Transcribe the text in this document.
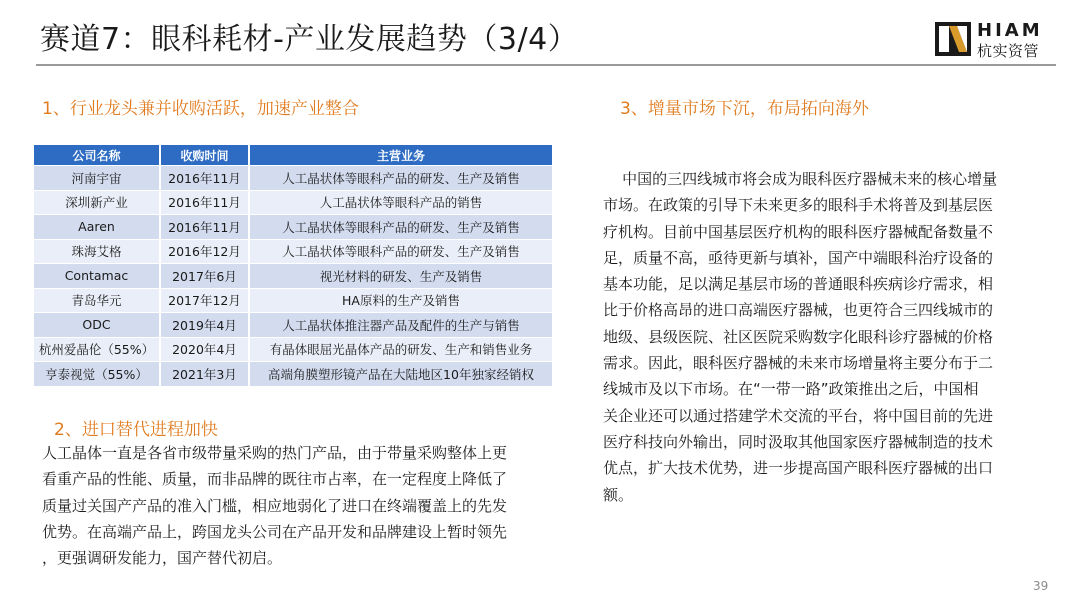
赛道7：眼科耗材-产业发展趋势（3/4）	HIAM
杭实资管
1、行业龙头兼并收购活跃，加速产业整合
公司名称	收购时间	主营业务
河南宇宙	2016年11月	人工晶状体等眼科产品的研发、生产及销售
深圳新产业	2016年11月	人工晶状体等眼科产品的销售
Aaren	2016年11月	人工晶状体等眼科产品的研发、生产及销售
珠海艾格	2016年12月	人工晶状体等眼科产品的研发、生产及销售
Contamac	2017年6月	视光材料的研发、生产及销售
青岛华元	2017年12月	HA原料的生产及销售
ODC	2019年4月	人工晶状体推注器产品及配件的生产与销售
杭州爱晶伦（55%）	2020年4月	有晶体眼屈光晶体产品的研发、生产和销售业务
亨泰视觉（55%）	2021年3月	高端角膜塑形镜产品在大陆地区10年独家经销权
2、进口替代进程加快
人工晶体一直是各省市级带量采购的热门产品，由于带量采购整体上更
看重产品的性能、质量，而非品牌的既往市占率，在一定程度上降低了
质量过关国产产品的准入门槛，相应地弱化了进口在终端覆盖上的先发
优势。在高端产品上，跨国龙头公司在产品开发和品牌建设上暂时领先
，更强调研发能力，国产替代初启。
3、增量市场下沉，布局拓向海外
中国的三四线城市将会成为眼科医疗器械未来的核心增量
市场。在政策的引导下未来更多的眼科手术将普及到基层医
疗机构。目前中国基层医疗机构的眼科医疗器械配备数量不
足，质量不高，亟待更新与填补，国产中端眼科治疗设备的
基本功能，足以满足基层市场的普通眼科疾病诊疗需求，相
比于价格高昂的进口高端医疗器械，也更符合三四线城市的
地级、县级医院、社区医院采购数字化眼科诊疗器械的价格
需求。因此，眼科医疗器械的未来市场增量将主要分布于二
线城市及以下市场。在“一带一路”政策推出之后，中国相
关企业还可以通过搭建学术交流的平台，将中国目前的先进
医疗科技向外输出，同时汲取其他国家医疗器械制造的技术
优点，扩大技术优势，进一步提高国产眼科医疗器械的出口
额。
39
